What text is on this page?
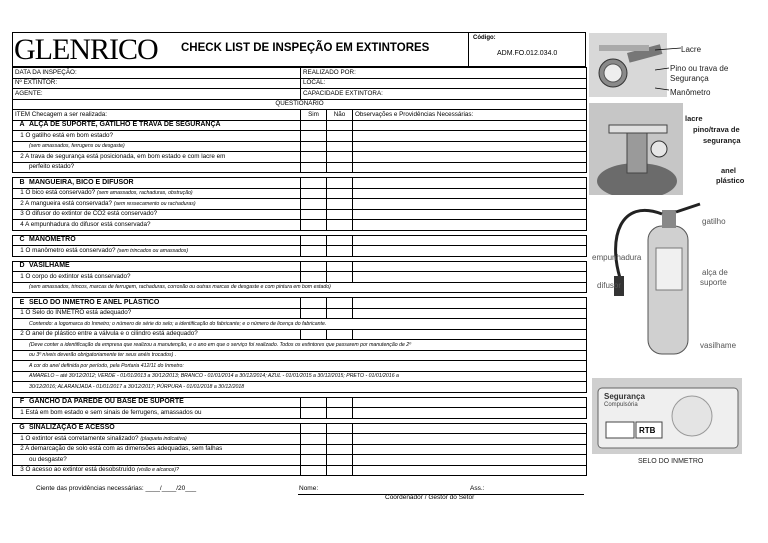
GLENRICO CHECK LIST DE INSPEÇÃO EM EXTINTORES
Código:
ADM.FO.012.034.0
DATA DA INSPEÇÃO:	REALIZADO POR:		
Nº EXTINTOR:	LOCAL:		
AGENTE:	CAPACIDADE EXTINTORA:		
QUESTIONÁRIO			
ITEM Checagem a ser realizada:	Sim	Não	Observações e Providências Necessárias:
A ALÇA DE SUPORTE, GATILHO E TRAVA DE SEGURANÇA			
1 O gatilho está em bom estado?			
(sem amassados, ferrugens ou desgaste)			
2 A trava de segurança está posicionada, em bom estado e com lacre em			
perfeito estado?			

B MANGUEIRA, BICO E DIFUSOR			
1 O bico está conservado? (sem amassados, rachaduras, obstrução)			
2 A mangueira está conservada? (sem ressecamento ou rachaduras)			
3 O difusor do extintor de CO2 está conservado?			
4 A empunhadura do difusor está conservada?			

C MANÔMETRO			
1 O manômetro está conservado? (sem trincados ou amassados)			

D VASILHAME			
1 O corpo do extintor está conservado?			
(sem amassados, trincos, marcas de ferrugem, rachaduras, corrosão ou outras marcas de desgaste e com pintura em bom estado)			

E SELO DO INMETRO E ANEL PLÁSTICO			
1 O Selo do INMETRO está adequado?			
Contendo: a logomarca do Inmetro; o número de série do selo; a identificação do fabricante; e o número de licença do fabricante.			
2 O anel de plástico entre a válvula e o cilindro está adequado?			
(Deve conter a identificação da empresa que realizou a manutenção, e o ano em que o serviço foi realizado. Todos os extintores que passarem por manutenção de 2º			
ou 3º níveis deverão obrigatoriamente ter seus anéis trocados) .			
A cor do anel definida por período, pela Portaria 412/11 do Inmetro:			
AMARELO – até 30/12/2012; VERDE - 01/01/2013 a 30/12/2013; BRANCO - 01/01/2014 a 30/12/2014; AZUL - 01/01/2015 a 30/12/2015; PRETO - 01/01/2016 a			
30/12/2016; ALARANJADA - 01/01/2017 a 30/12/2017; PÚRPURA - 01/01/2018 a 30/12/2018			

F GANCHO DA PAREDE OU BASE DE SUPORTE			
1 Está em bom estado e sem sinais de ferrugens, amassados ou			

G SINALIZAÇÃO E ACESSO			
1 O extintor está corretamente sinalizado? (plaqueta indicativa)			
2 A demarcação de solo está com as dimensões adequadas, sem falhas			
ou desgaste?			
3 O acesso ao extintor está desobstruído (visão e alcance)?			
Ciente das providências necessárias: ____/____/20___	Nome:	Ass.:
Coordenador / Gestor do Setor
Lacre
Pino ou trava de
Segurança
Manômetro
lacre
pino/trava de
segurança
anel
plástico
gatilho
empunhadura
alça de
suporte
difusor
vasilhame
Segurança
Compulsória
RTB
SELO DO INMETRO
